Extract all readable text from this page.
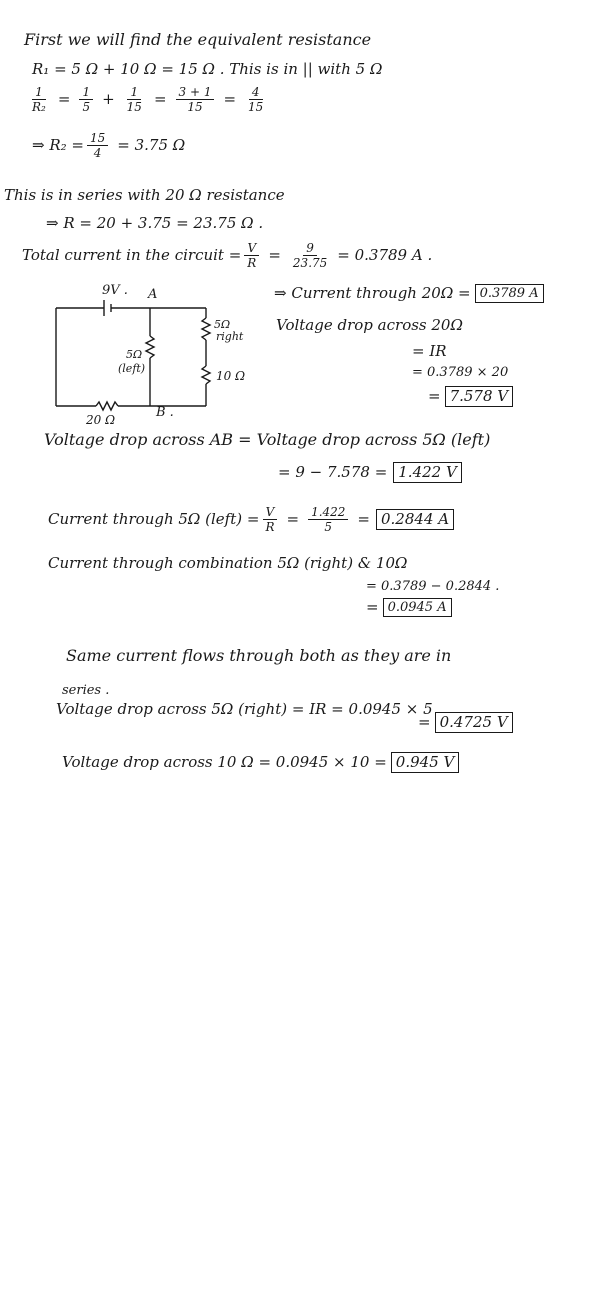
First we will find the equivalent resistance
R₁ = 5 Ω + 10 Ω = 15 Ω . This is in || with 5 Ω
$\frac{1}{\text{R₂}} = \frac{1}{5} + \frac{1}{15} = \frac{3 + 1}{15} = \frac{4}{15}$
⇒ $R_2 = \frac{15}{4} = 3.75$ Ω
This is in series with 20 Ω resistance
⇒ R = 20 + 3.75 = 23.75 Ω .
Total current in the circuit = $\frac{V}{R} = \frac{9}{23.75} = 0.3789$ A .
9V . A
B .
5Ω
(left)
5Ω
right
10 Ω
20 Ω
⇒ Current through 20Ω = 0.3789 A
Voltage drop across 20Ω
= IR
= 0.3789 × 20
= 7.578 V
Voltage drop across AB = Voltage drop across 5Ω (left)
= 9 − 7.578 = 1.422 V
Current through 5Ω (left) = $\frac{V}{R} = \frac{1.422}{5} = 0.2844$ A
Current through combination 5Ω (right) & 10Ω
= 0.3789 − 0.2844 .
= 0.0945 A
Same current flows through both as they are in
series .
Voltage drop across 5Ω (right) = IR = 0.0945 × 5
= 0.4725 V
Voltage drop across 10 Ω = 0.0945 × 10 = 0.945 V
